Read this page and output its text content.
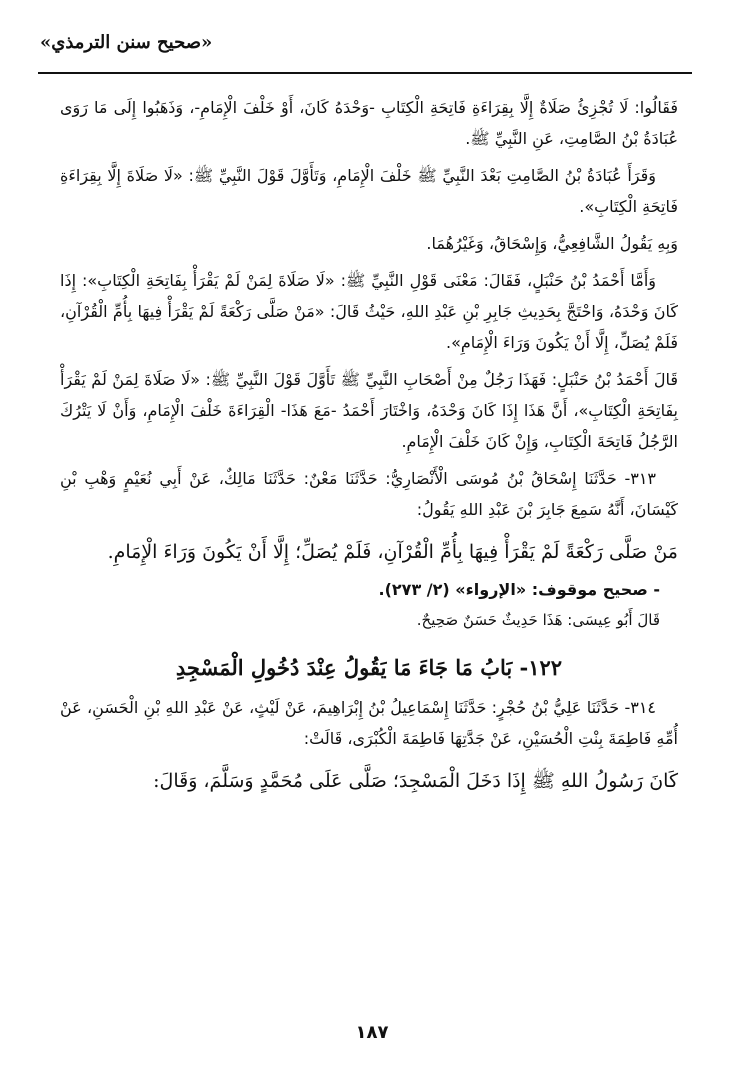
«صحيح سنن الترمذي»

فَقَالُوا: لَا تُجْزِئُ صَلَاةٌ إِلَّا بِقِرَاءَةِ فَاتِحَةِ الْكِتَابِ -وَحْدَهُ كَانَ، أَوْ خَلْفَ الْإِمَامِ-، وَذَهَبُوا إِلَى مَا رَوَى عُبَادَةُ بْنُ الصَّامِتِ، عَنِ النَّبِيِّ ﷺ.

وَقَرَأَ عُبَادَةُ بْنُ الصَّامِتِ بَعْدَ النَّبِيِّ ﷺ خَلْفَ الْإِمَامِ، وَتَأَوَّلَ قَوْلَ النَّبِيِّ ﷺ: «لَا صَلَاةَ إِلَّا بِقِرَاءَةِ فَاتِحَةِ الْكِتَابِ».

وَبِهِ يَقُولُ الشَّافِعِيُّ، وَإِسْحَاقُ، وَغَيْرُهُمَا.

وَأَمَّا أَحْمَدُ بْنُ حَنْبَلٍ، فَقَالَ: مَعْنَى قَوْلِ النَّبِيِّ ﷺ: «لَا صَلَاةَ لِمَنْ لَمْ يَقْرَأْ بِفَاتِحَةِ الْكِتَابِ»: إِذَا كَانَ وَحْدَهُ، وَاحْتَجَّ بِحَدِيثِ جَابِرِ بْنِ عَبْدِ اللهِ، حَيْثُ قَالَ: «مَنْ صَلَّى رَكْعَةً لَمْ يَقْرَأْ فِيهَا بِأُمِّ الْقُرْآنِ، فَلَمْ يُصَلِّ، إِلَّا أَنْ يَكُونَ وَرَاءَ الْإِمَامِ».

قَالَ أَحْمَدُ بْنُ حَنْبَلٍ: فَهَذَا رَجُلٌ مِنْ أَصْحَابِ النَّبِيِّ ﷺ تَأَوَّلَ قَوْلَ النَّبِيِّ ﷺ: «لَا صَلَاةَ لِمَنْ لَمْ يَقْرَأْ بِفَاتِحَةِ الْكِتَابِ»، أَنَّ هَذَا إِذَا كَانَ وَحْدَهُ، وَاخْتَارَ أَحْمَدُ -مَعَ هَذَا- الْقِرَاءَةَ خَلْفَ الْإِمَامِ، وَأَنْ لَا يَتْرُكَ الرَّجُلُ فَاتِحَةَ الْكِتَابِ، وَإِنْ كَانَ خَلْفَ الْإِمَامِ.

٣١٣- حَدَّثَنَا إِسْحَاقُ بْنُ مُوسَى الْأَنْصَارِيُّ: حَدَّثَنَا مَعْنٌ: حَدَّثَنَا مَالِكٌ، عَنْ أَبِي نُعَيْمٍ وَهْبِ بْنِ كَيْسَانَ، أَنَّهُ سَمِعَ جَابِرَ بْنَ عَبْدِ اللهِ يَقُولُ:

مَنْ صَلَّى رَكْعَةً لَمْ يَقْرَأْ فِيهَا بِأُمِّ الْقُرْآنِ، فَلَمْ يُصَلِّ؛ إِلَّا أَنْ يَكُونَ وَرَاءَ الْإِمَامِ.

- صحيح موقوف: «الإرواء» (٢/ ٢٧٣).

قَالَ أَبُو عِيسَى: هَذَا حَدِيثٌ حَسَنٌ صَحِيحٌ.

١٢٢- بَابُ مَا جَاءَ مَا يَقُولُ عِنْدَ دُخُولِ الْمَسْجِدِ

٣١٤- حَدَّثَنَا عَلِيُّ بْنُ حُجْرٍ: حَدَّثَنَا إِسْمَاعِيلُ بْنُ إِبْرَاهِيمَ، عَنْ لَيْثٍ، عَنْ عَبْدِ اللهِ بْنِ الْحَسَنِ، عَنْ أُمِّهِ فَاطِمَةَ بِنْتِ الْحُسَيْنِ، عَنْ جَدَّتِهَا فَاطِمَةَ الْكُبْرَى، قَالَتْ:

كَانَ رَسُولُ اللهِ ﷺ إِذَا دَخَلَ الْمَسْجِدَ؛ صَلَّى عَلَى مُحَمَّدٍ وَسَلَّمَ، وَقَالَ:

١٨٧
